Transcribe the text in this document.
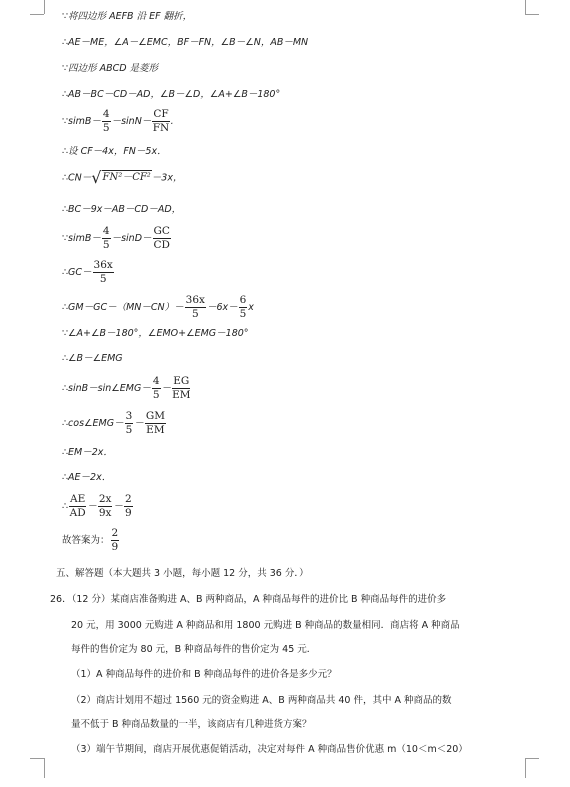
∵将四边形 AEFB 沿 EF 翻折，
∴AE－ME，∠A－∠EMC，BF－FN，∠B－∠N，AB－MN
∵四边形 ABCD 是菱形
∴AB－BC－CD－AD，∠B－∠D，∠A+∠B－180°
∵simB－ $\frac{4}{5} -\sin N- \frac{CF}{FN}$ .
∴设 CF－4x，FN－5x．
∴CN－ √ FN²－CF² －3x，
∴BC－9x－AB－CD－AD，
∵simB－ $\frac{4}{5} -\sin D- \frac{GC}{CD}$
∴GC－ $\frac{36x}{5}$
∴GM－GC－（MN－CN）－ $\frac{36x}{5} -6x- \frac{6}{5}$ x
∵∠A+∠B－180°，∠EMO+∠EMG－180°
∴∠B－∠EMG
∴sinB－sin∠EMG－ $\frac{4}{5} - \frac{EG}{EM}$
∴cos∠EMG－ $\frac{3}{5} - \frac{GM}{EM}$
∴EM－2x．
∴AE－2x．
∴ $\frac{AE}{AD} - \frac{2x}{9x} - \frac{2}{9}$
故答案为： $\frac{2}{9}$
五、解答题（本大题共 3 小题，每小题 12 分，共 36 分．）
26．（12 分）某商店准备购进 A、B 两种商品，A 种商品每件的进价比 B 种商品每件的进价多
20 元，用 3000 元购进 A 种商品和用 1800 元购进 B 种商品的数量相同．商店将 A 种商品
每件的售价定为 80 元，B 种商品每件的售价定为 45 元．
（1）A 种商品每件的进价和 B 种商品每件的进价各是多少元？
（2）商店计划用不超过 1560 元的资金购进 A、B 两种商品共 40 件，其中 A 种商品的数
量不低于 B 种商品数量的一半，该商店有几种进货方案？
（3）端午节期间，商店开展优惠促销活动，决定对每件 A 种商品售价优惠 m（10＜m＜20）
